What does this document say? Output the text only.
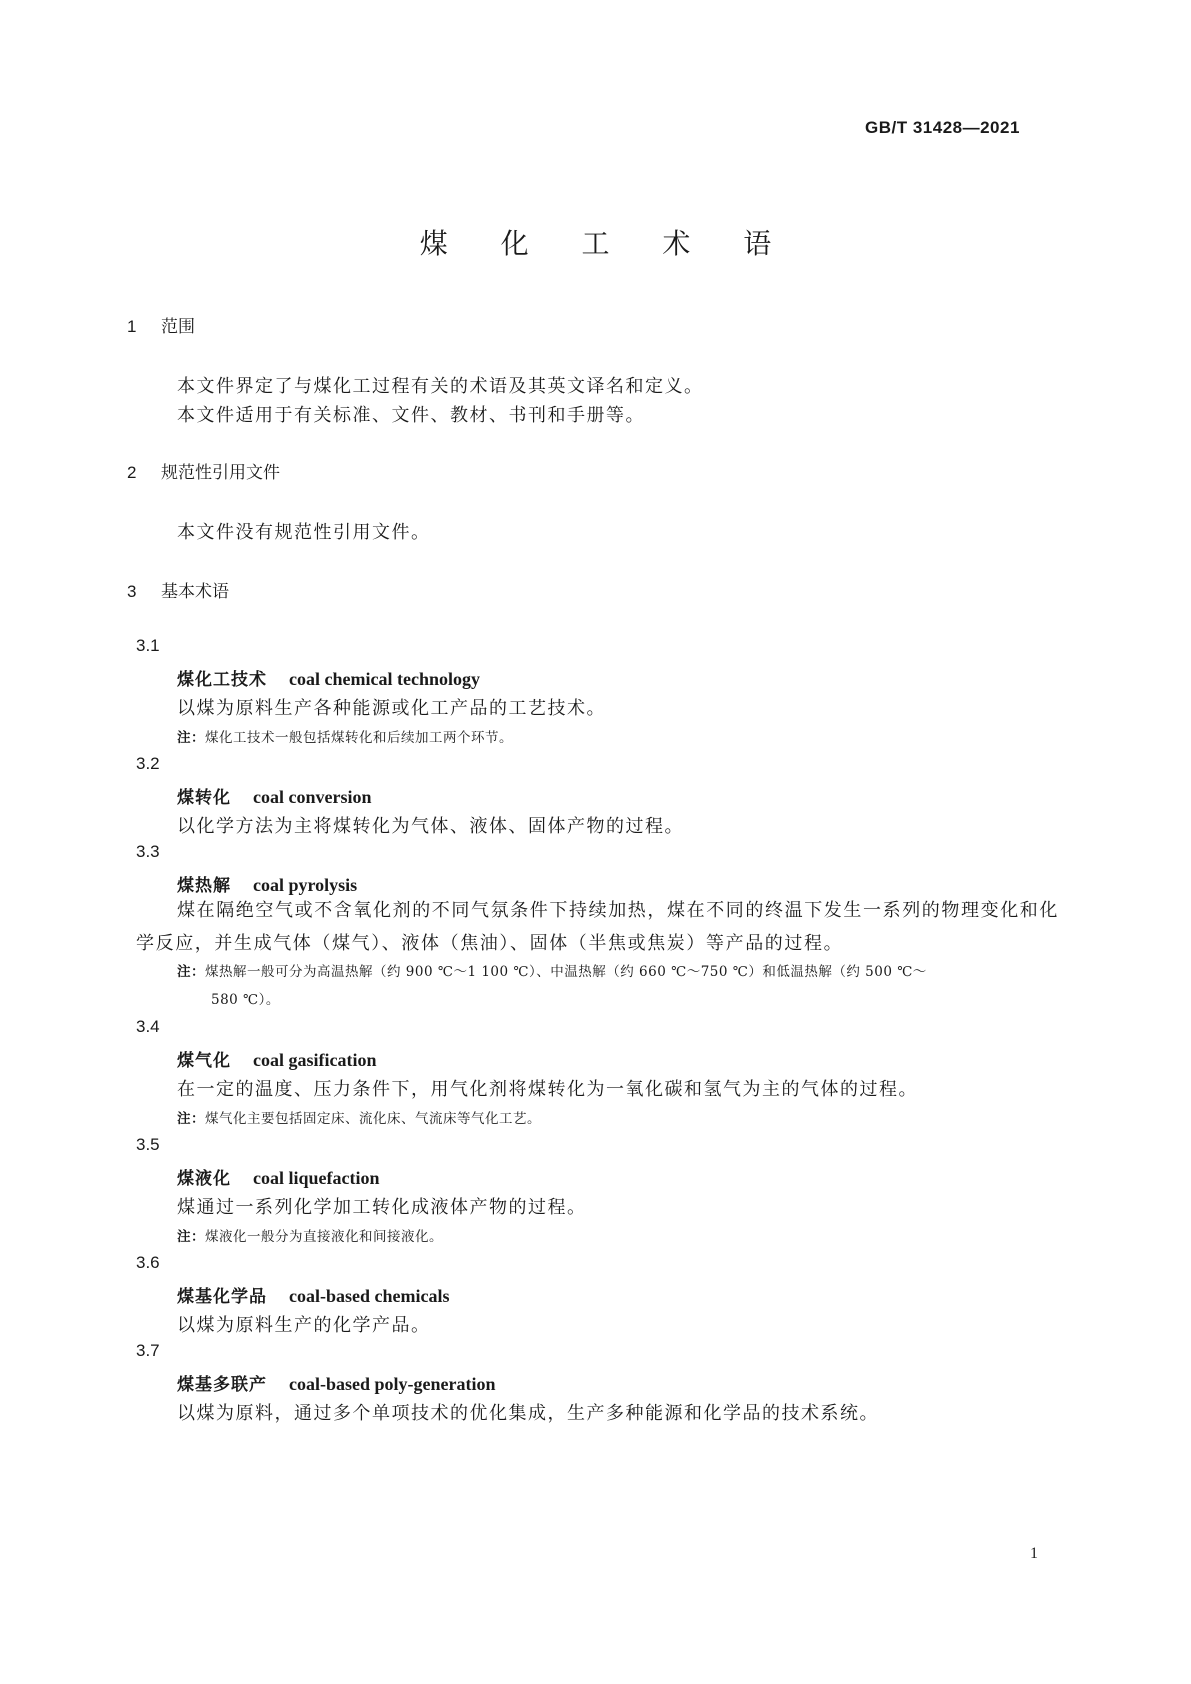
GB/T 31428—2021
煤 化 工 术 语
1 范围
本文件界定了与煤化工过程有关的术语及其英文译名和定义。
本文件适用于有关标准、文件、教材、书刊和手册等。
2 规范性引用文件
本文件没有规范性引用文件。
3 基本术语
3.1
煤化工技术 coal chemical technology
以煤为原料生产各种能源或化工产品的工艺技术。
注：煤化工技术一般包括煤转化和后续加工两个环节。
3.2
煤转化 coal conversion
以化学方法为主将煤转化为气体、液体、固体产物的过程。
3.3
煤热解 coal pyrolysis
煤在隔绝空气或不含氧化剂的不同气氛条件下持续加热，煤在不同的终温下发生一系列的物理变化和化学反应，并生成气体（煤气）、液体（焦油）、固体（半焦或焦炭）等产品的过程。
注：煤热解一般可分为高温热解（约 900 ℃～1 100 ℃）、中温热解（约 660 ℃～750 ℃）和低温热解（约 500 ℃～
580 ℃）。
3.4
煤气化 coal gasification
在一定的温度、压力条件下，用气化剂将煤转化为一氧化碳和氢气为主的气体的过程。
注：煤气化主要包括固定床、流化床、气流床等气化工艺。
3.5
煤液化 coal liquefaction
煤通过一系列化学加工转化成液体产物的过程。
注：煤液化一般分为直接液化和间接液化。
3.6
煤基化学品 coal-based chemicals
以煤为原料生产的化学产品。
3.7
煤基多联产 coal-based poly-generation
以煤为原料，通过多个单项技术的优化集成，生产多种能源和化学品的技术系统。
1
